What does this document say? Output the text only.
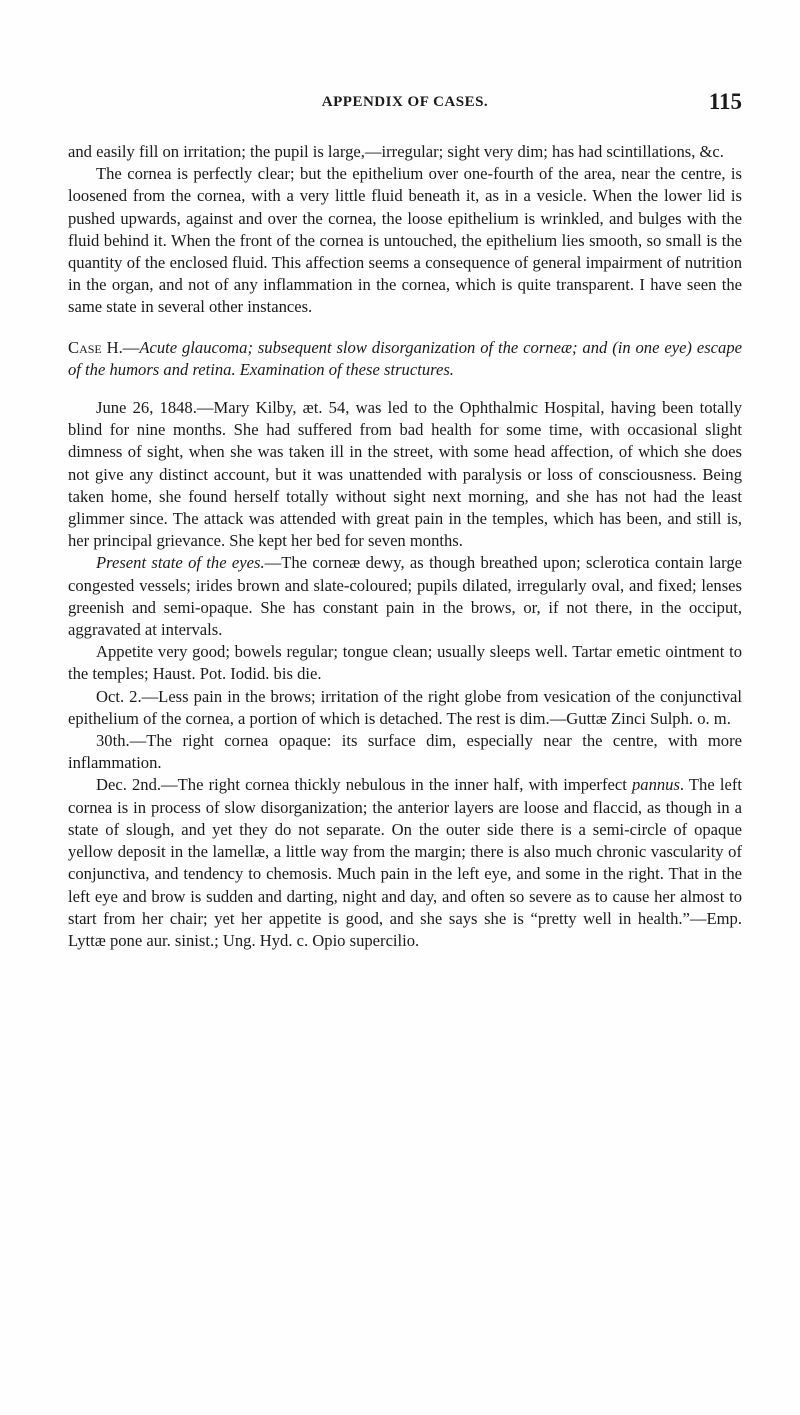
APPENDIX OF CASES.	115

and easily fill on irritation; the pupil is large,—irregular; sight very dim; has had scintillations, &c.

The cornea is perfectly clear; but the epithelium over one-fourth of the area, near the centre, is loosened from the cornea, with a very little fluid beneath it, as in a vesicle. When the lower lid is pushed upwards, against and over the cornea, the loose epithelium is wrinkled, and bulges with the fluid behind it. When the front of the cornea is untouched, the epithelium lies smooth, so small is the quantity of the enclosed fluid. This affection seems a consequence of general impairment of nutrition in the organ, and not of any inflammation in the cornea, which is quite transparent. I have seen the same state in several other instances.

Case H.—Acute glaucoma; subsequent slow disorganization of the corneæ; and (in one eye) escape of the humors and retina. Examination of these structures.

June 26, 1848.—Mary Kilby, æt. 54, was led to the Ophthalmic Hospital, having been totally blind for nine months. She had suffered from bad health for some time, with occasional slight dimness of sight, when she was taken ill in the street, with some head affection, of which she does not give any distinct account, but it was unattended with paralysis or loss of consciousness. Being taken home, she found herself totally without sight next morning, and she has not had the least glimmer since. The attack was attended with great pain in the temples, which has been, and still is, her principal grievance. She kept her bed for seven months.

Present state of the eyes.—The corneæ dewy, as though breathed upon; sclerotica contain large congested vessels; irides brown and slate-coloured; pupils dilated, irregularly oval, and fixed; lenses greenish and semi-opaque. She has constant pain in the brows, or, if not there, in the occiput, aggravated at intervals.

Appetite very good; bowels regular; tongue clean; usually sleeps well. Tartar emetic ointment to the temples; Haust. Pot. Iodid. bis die.

Oct. 2.—Less pain in the brows; irritation of the right globe from vesication of the conjunctival epithelium of the cornea, a portion of which is detached. The rest is dim.—Guttæ Zinci Sulph. o. m.

30th.—The right cornea opaque: its surface dim, especially near the centre, with more inflammation.

Dec. 2nd.—The right cornea thickly nebulous in the inner half, with imperfect pannus. The left cornea is in process of slow disorganization; the anterior layers are loose and flaccid, as though in a state of slough, and yet they do not separate. On the outer side there is a semi-circle of opaque yellow deposit in the lamellæ, a little way from the margin; there is also much chronic vascularity of conjunctiva, and tendency to chemosis. Much pain in the left eye, and some in the right. That in the left eye and brow is sudden and darting, night and day, and often so severe as to cause her almost to start from her chair; yet her appetite is good, and she says she is “pretty well in health.”—Emp. Lyttæ pone aur. sinist.; Ung. Hyd. c. Opio supercilio.
